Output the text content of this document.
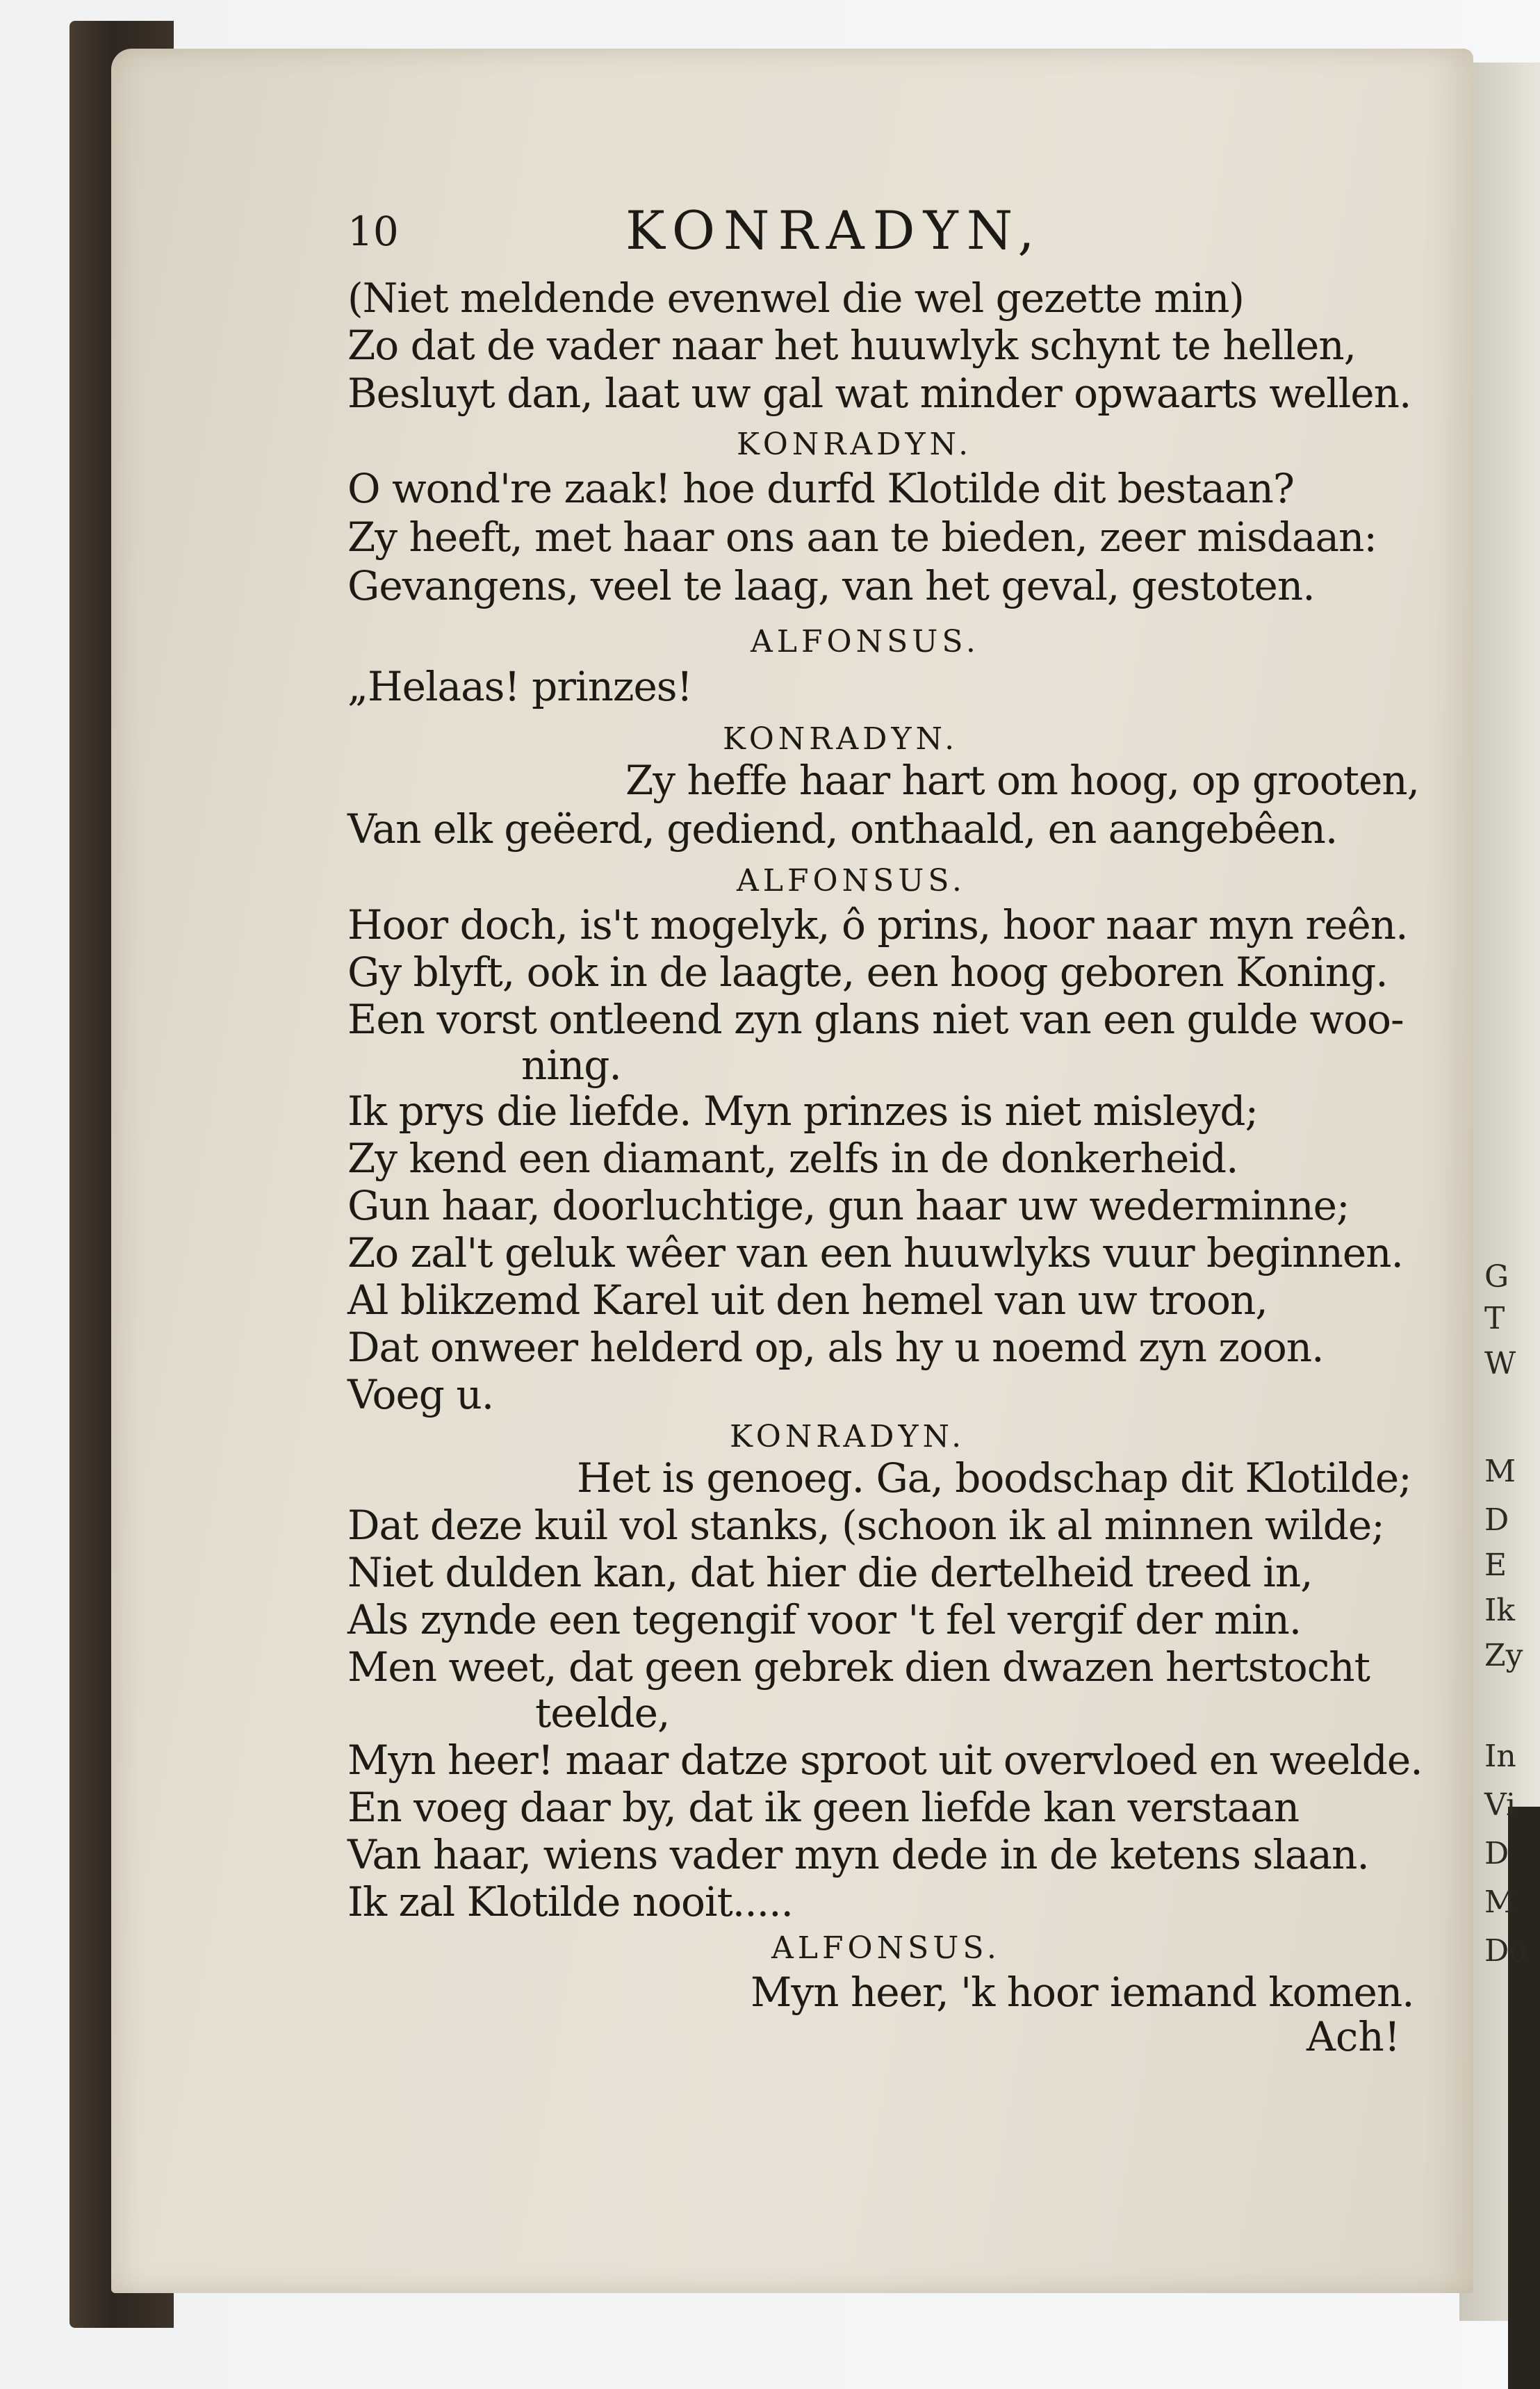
10	KONRADYN,
(Niet meldende evenwel die wel gezette min)
Zo dat de vader naar het huuwlyk schynt te hellen,
Besluyt dan, laat uw gal wat minder opwaarts wellen.
KONRADYN.
O wond're zaak! hoe durfd Klotilde dit bestaan?
Zy heeft, met haar ons aan te bieden, zeer misdaan:
Gevangens, veel te laag, van het geval, gestoten.
ALFONSUS.
„Helaas! prinzes!
KONRADYN.
Zy heffe haar hart om hoog, op grooten,
Van elk geëerd, gediend, onthaald, en aangebêen.
ALFONSUS.
Hoor doch, is't mogelyk, ô prins, hoor naar myn reên.
Gy blyft, ook in de laagte, een hoog geboren Koning.
Een vorst ontleend zyn glans niet van een gulde woo-
ning.
Ik prys die liefde. Myn prinzes is niet misleyd;
Zy kend een diamant, zelfs in de donkerheid.
Gun haar, doorluchtige, gun haar uw wederminne;
Zo zal't geluk wêer van een huuwlyks vuur beginnen.
Al blikzemd Karel uit den hemel van uw troon,
Dat onweer helderd op, als hy u noemd zyn zoon.
Voeg u.
KONRADYN.
Het is genoeg. Ga, boodschap dit Klotilde;
Dat deze kuil vol stanks, (schoon ik al minnen wilde;
Niet dulden kan, dat hier die dertelheid treed in,
Als zynde een tegengif voor 't fel vergif der min.
Men weet, dat geen gebrek dien dwazen hertstocht
teelde,
Myn heer! maar datze sproot uit overvloed en weelde.
En voeg daar by, dat ik geen liefde kan verstaan
Van haar, wiens vader myn dede in de ketens slaan.
Ik zal Klotilde nooit.....
ALFONSUS.
Myn heer, 'k hoor iemand komen.
Ach!
G
T
W
M
D
E
Ik
Zy
In
Vi
D
M
Do
